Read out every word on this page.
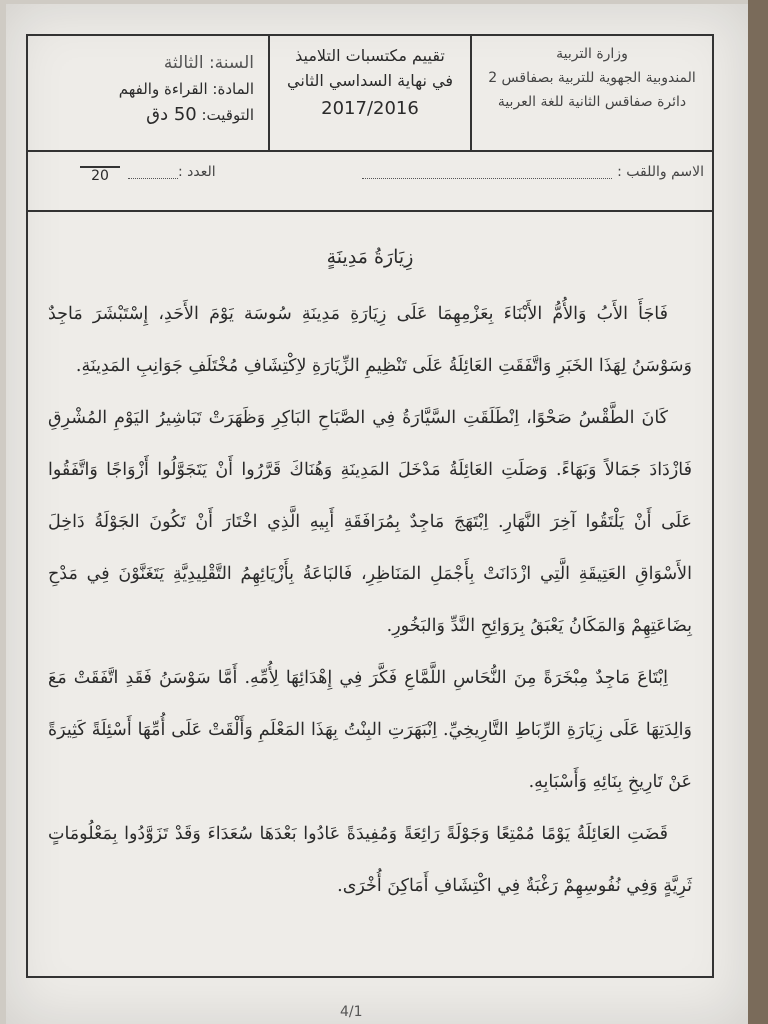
وزارة التربية
المندوبية الجهوية للتربية بصفاقس 2
دائرة صفاقس الثانية للغة العربية
تقييم مكتسبات التلاميذ
في نهاية السداسي الثاني
2017/2016
السنة: الثالثة
المادة: القراءة والفهم
التوقيت: 50 دق
الاسم واللقب :
العدد :
20
زِيَارَةُ مَدِينَةٍ

فَاجَأَ الأَبُ وَالأُمُّ الأَبْنَاءَ بِعَزْمِهِمَا عَلَى زِيَارَةِ مَدِينَةِ سُوسَة يَوْمَ الأَحَدِ، إِسْتَبْشَرَ مَاجِدٌ وَسَوْسَنُ لِهَذَا الخَبَرِ وَاتَّفَقَتِ العَائِلَةُ عَلَى تَنْظِيمِ الزِّيَارَةِ لاِكْتِشَافِ مُخْتَلَفِ جَوَانِبِ المَدِينَةِ.

كَانَ الطَّقْسُ صَحْوًا، اِنْطَلَقَتِ السَّيَّارَةُ فِي الصَّبَاحِ البَاكِرِ وَظَهَرَتْ تَبَاشِيرُ اليَوْمِ المُشْرِقِ فَازْدَادَ جَمَالاً وَبَهَاءً. وَصَلَتِ العَائِلَةُ مَدْخَلَ المَدِينَةِ وَهُنَاكَ قَرَّرُوا أَنْ يَتَجَوَّلُوا أَزْوَاجًا وَاتَّفَقُوا عَلَى أَنْ يَلْتَقُوا آخِرَ النَّهَارِ. اِبْتَهَجَ مَاجِدٌ بِمُرَافَقَةِ أَبِيهِ الَّذِي اخْتَارَ أَنْ تَكُونَ الجَوْلَةُ دَاخِلَ الأَسْوَاقِ العَتِيقَةِ الَّتِي ازْدَانَتْ بِأَجْمَلِ المَنَاظِرِ، فَالبَاعَةُ بِأَزْيَائِهِمُ التَّقْلِيدِيَّةِ يَتَغَنَّوْنَ فِي مَدْحِ بِضَاعَتِهِمْ وَالمَكَانُ يَعْبَقُ بِرَوَائِحِ النَّدِّ وَالبَخُورِ.

اِبْتَاعَ مَاجِدٌ مِبْخَرَةً مِنَ النُّحَاسِ اللَّمَّاعِ فَكَّرَ فِي إِهْدَائِهَا لِأُمِّهِ. أَمَّا سَوْسَنُ فَقَدِ اتَّفَقَتْ مَعَ وَالِدَتِهَا عَلَى زِيَارَةِ الرِّبَاطِ التَّارِيخِيِّ. اِنْبَهَرَتِ البِنْتُ بِهَذَا المَعْلَمِ وَأَلْقَتْ عَلَى أُمِّهَا أَسْئِلَةً كَثِيرَةً عَنْ تَارِيخِ بِنَائِهِ وَأَسْبَابِهِ.

قَضَتِ العَائِلَةُ يَوْمًا مُمْتِعًا وَجَوْلَةً رَائِعَةً وَمُفِيدَةً عَادُوا بَعْدَهَا سُعَدَاءَ وَقَدْ تَزَوَّدُوا بِمَعْلُومَاتٍ ثَرِيَّةٍ وَفِي نُفُوسِهِمْ رَغْبَةٌ فِي اكْتِشَافِ أَمَاكِنَ أُخْرَى.

4/1
